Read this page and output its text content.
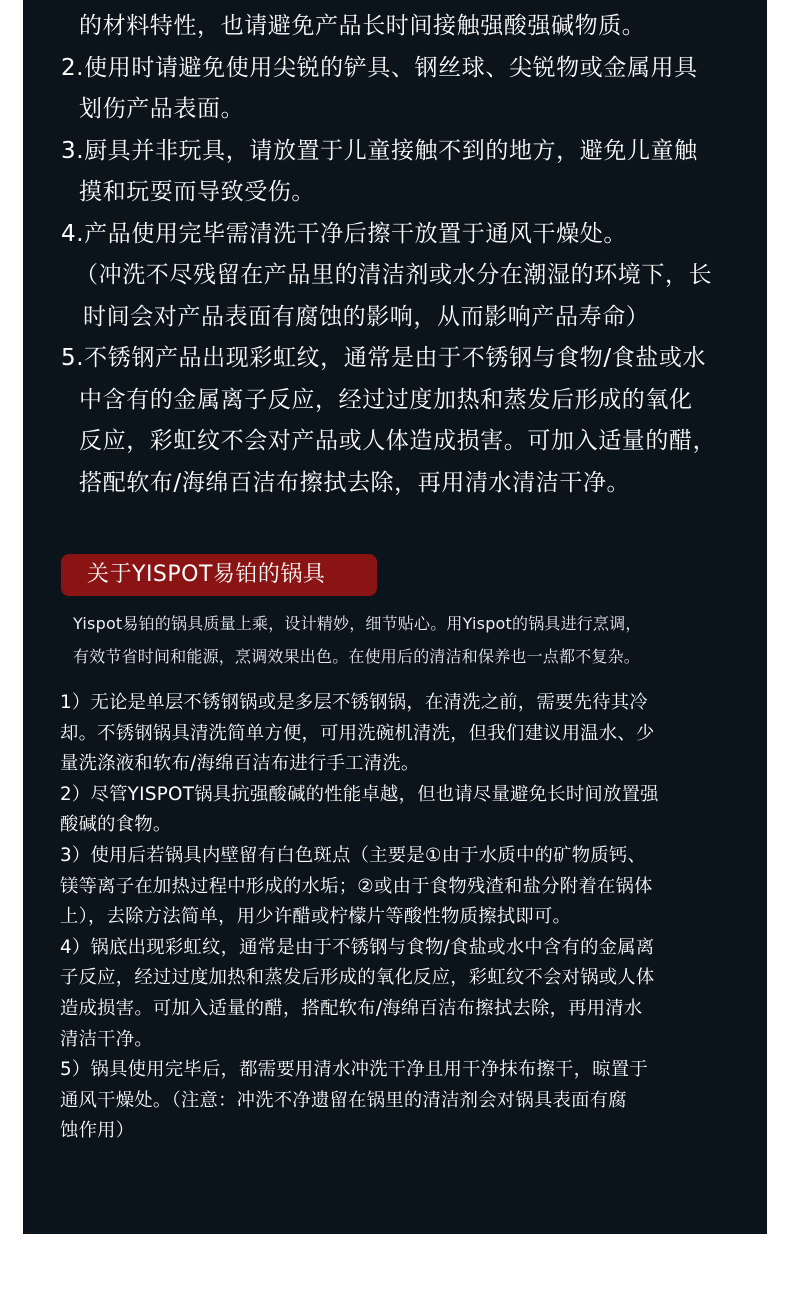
的材料特性，也请避免产品长时间接触强酸强碱物质。
2.使用时请避免使用尖锐的铲具、钢丝球、尖锐物或金属用具
划伤产品表面。
3.厨具并非玩具，请放置于儿童接触不到的地方，避免儿童触
摸和玩耍而导致受伤。
4.产品使用完毕需清洗干净后擦干放置于通风干燥处。
（冲洗不尽残留在产品里的清洁剂或水分在潮湿的环境下，长
时间会对产品表面有腐蚀的影响，从而影响产品寿命）
5.不锈钢产品出现彩虹纹，通常是由于不锈钢与食物/食盐或水
中含有的金属离子反应，经过过度加热和蒸发后形成的氧化
反应，彩虹纹不会对产品或人体造成损害。可加入适量的醋，
搭配软布/海绵百洁布擦拭去除，再用清水清洁干净。
关于YISPOT易铂的锅具
Yispot易铂的锅具质量上乘，设计精妙，细节贴心。用Yispot的锅具进行烹调，
有效节省时间和能源，烹调效果出色。在使用后的清洁和保养也一点都不复杂。
1）无论是单层不锈钢锅或是多层不锈钢锅，在清洗之前，需要先待其冷
却。不锈钢锅具清洗简单方便，可用洗碗机清洗，但我们建议用温水、少
量洗涤液和软布/海绵百洁布进行手工清洗。
2）尽管YISPOT锅具抗强酸碱的性能卓越，但也请尽量避免长时间放置强
酸碱的食物。
3）使用后若锅具内壁留有白色斑点（主要是①由于水质中的矿物质钙、
镁等离子在加热过程中形成的水垢；②或由于食物残渣和盐分附着在锅体
上），去除方法简单，用少许醋或柠檬片等酸性物质擦拭即可。
4）锅底出现彩虹纹，通常是由于不锈钢与食物/食盐或水中含有的金属离
子反应，经过过度加热和蒸发后形成的氧化反应，彩虹纹不会对锅或人体
造成损害。可加入适量的醋，搭配软布/海绵百洁布擦拭去除，再用清水
清洁干净。
5）锅具使用完毕后，都需要用清水冲洗干净且用干净抹布擦干，晾置于
通风干燥处。（注意：冲洗不净遗留在锅里的清洁剂会对锅具表面有腐
蚀作用）
